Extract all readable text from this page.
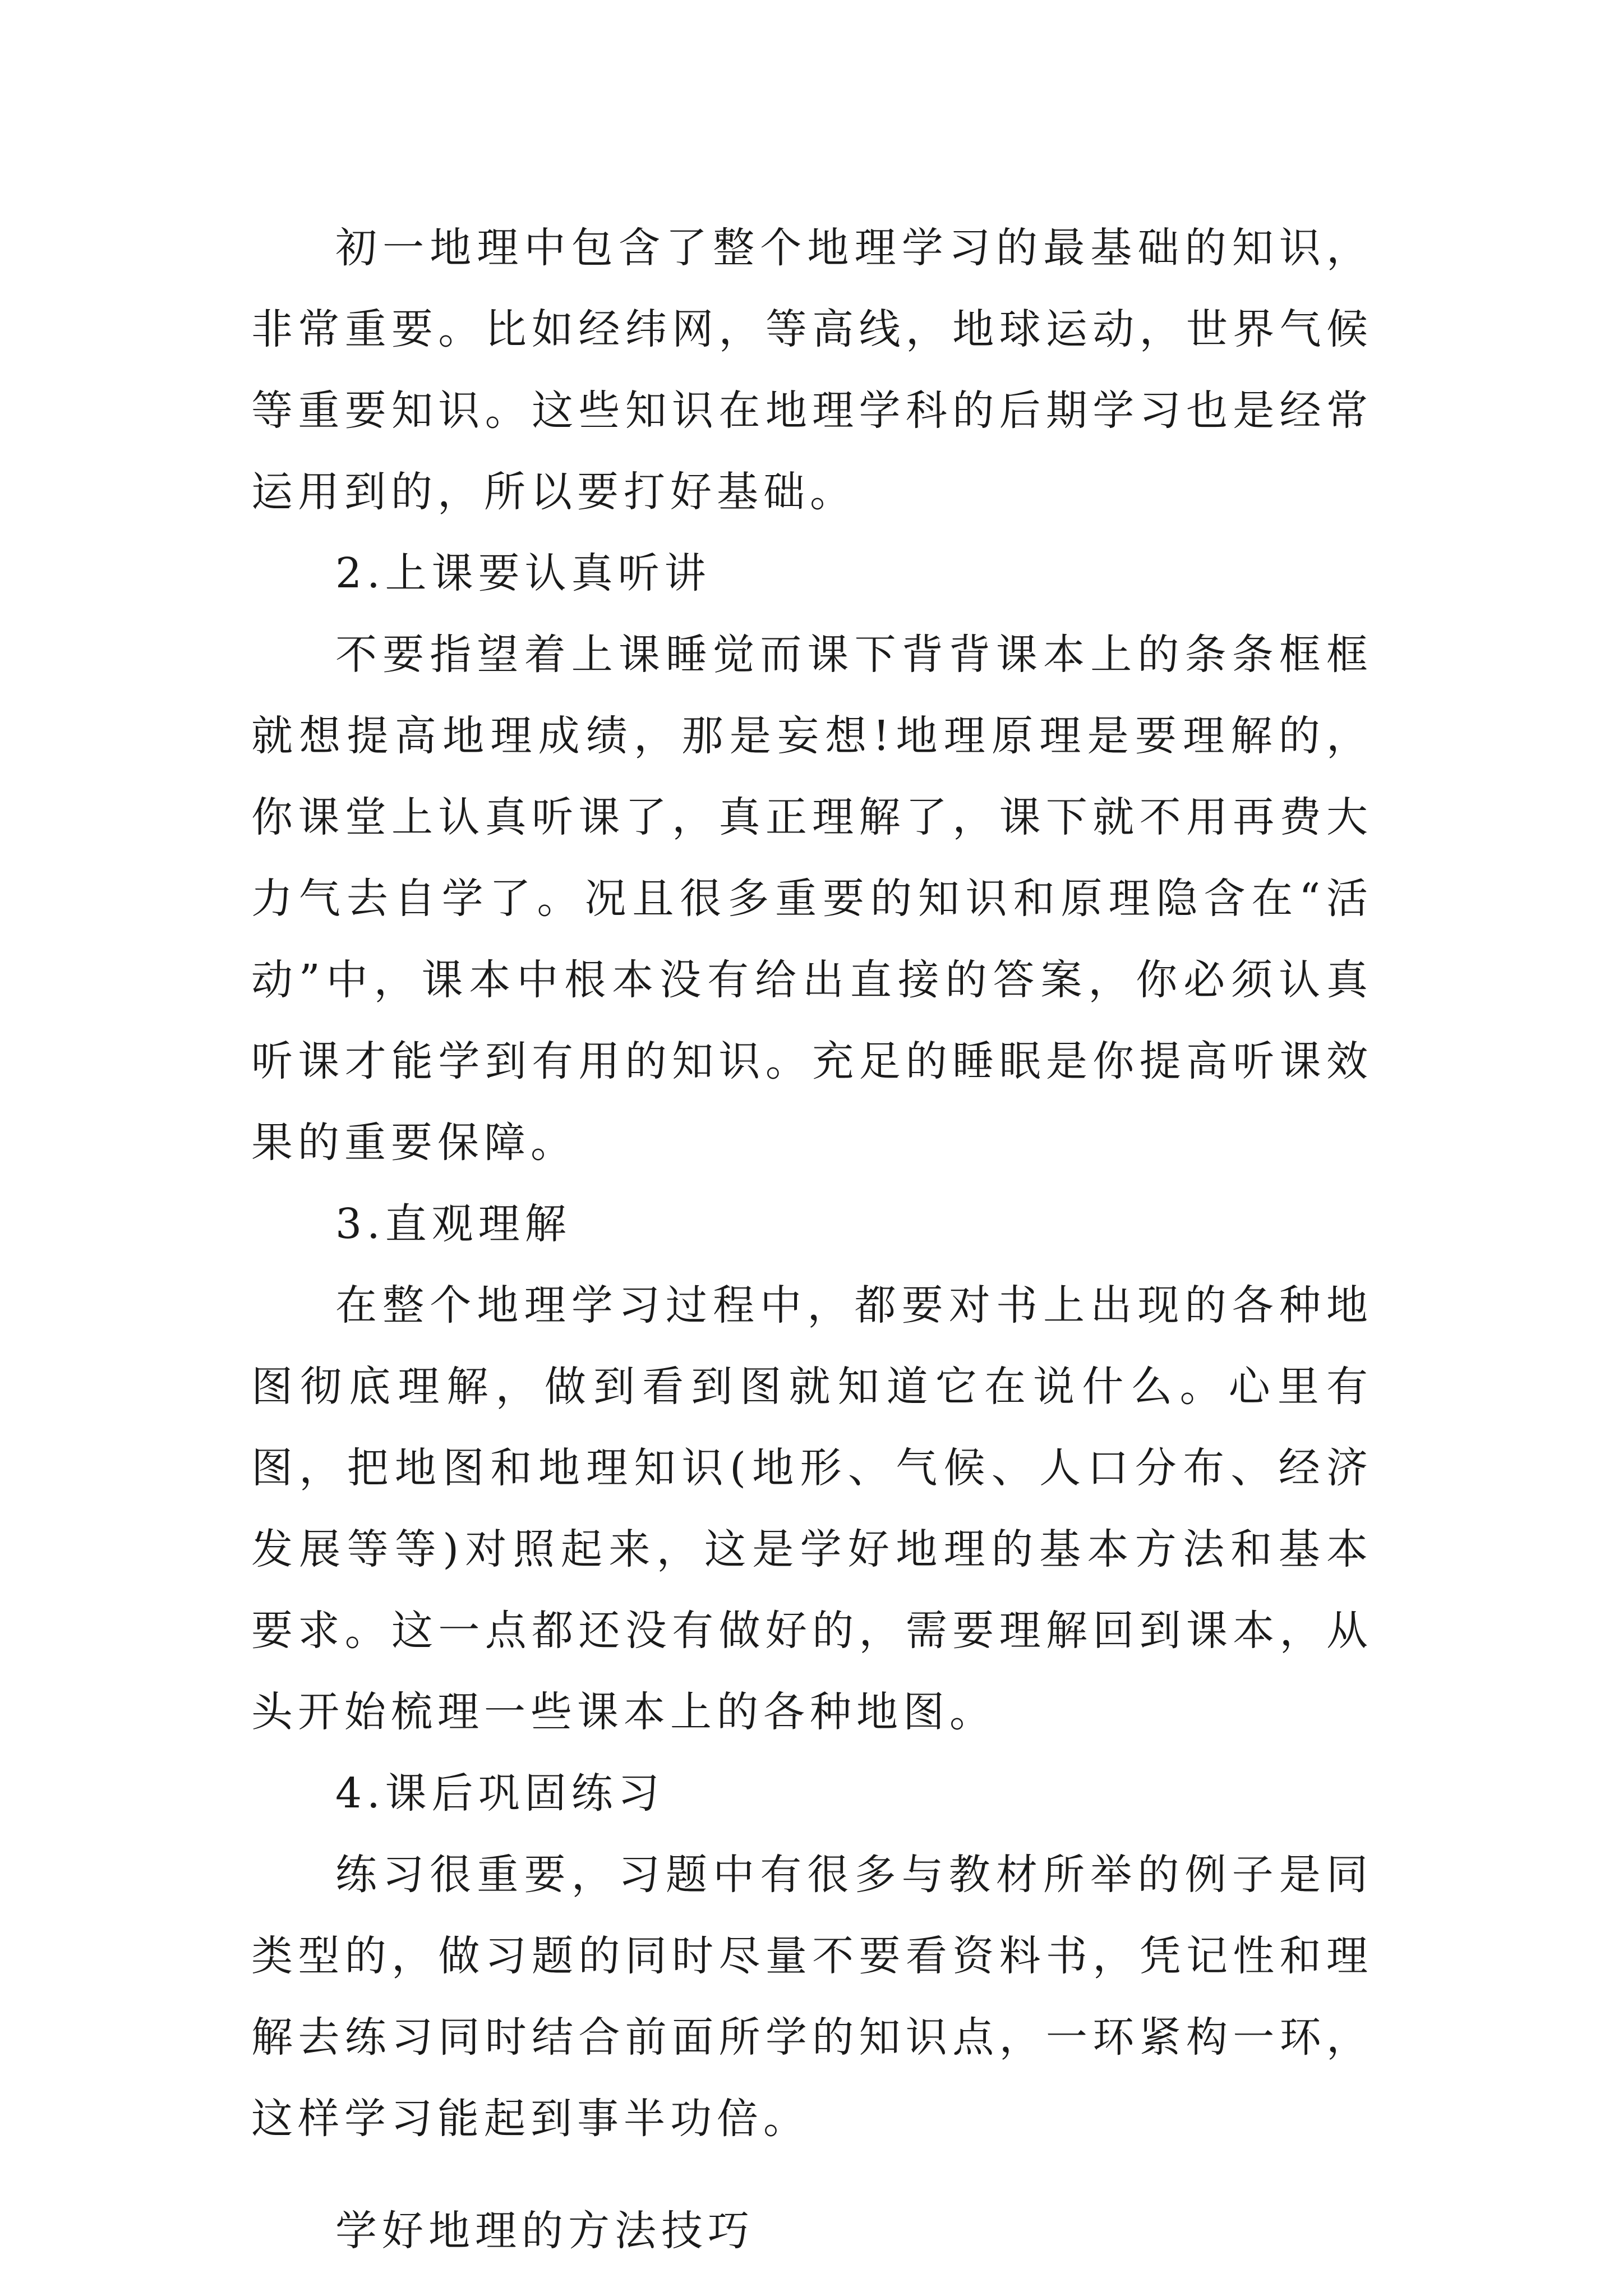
初一地理中包含了整个地理学习的最基础的知识，非常重要。比如经纬网，等高线，地球运动，世界气候等重要知识。这些知识在地理学科的后期学习也是经常运用到的，所以要打好基础。

2.上课要认真听讲

不要指望着上课睡觉而课下背背课本上的条条框框就想提高地理成绩，那是妄想!地理原理是要理解的，你课堂上认真听课了，真正理解了，课下就不用再费大力气去自学了。况且很多重要的知识和原理隐含在“活动”中，课本中根本没有给出直接的答案，你必须认真听课才能学到有用的知识。充足的睡眠是你提高听课效果的重要保障。

3.直观理解

在整个地理学习过程中，都要对书上出现的各种地图彻底理解，做到看到图就知道它在说什么。心里有图，把地图和地理知识(地形、气候、人口分布、经济发展等等)对照起来，这是学好地理的基本方法和基本要求。这一点都还没有做好的，需要理解回到课本，从头开始梳理一些课本上的各种地图。

4.课后巩固练习

练习很重要，习题中有很多与教材所举的例子是同类型的，做习题的同时尽量不要看资料书，凭记性和理解去练习同时结合前面所学的知识点，一环紧构一环，这样学习能起到事半功倍。

学好地理的方法技巧
